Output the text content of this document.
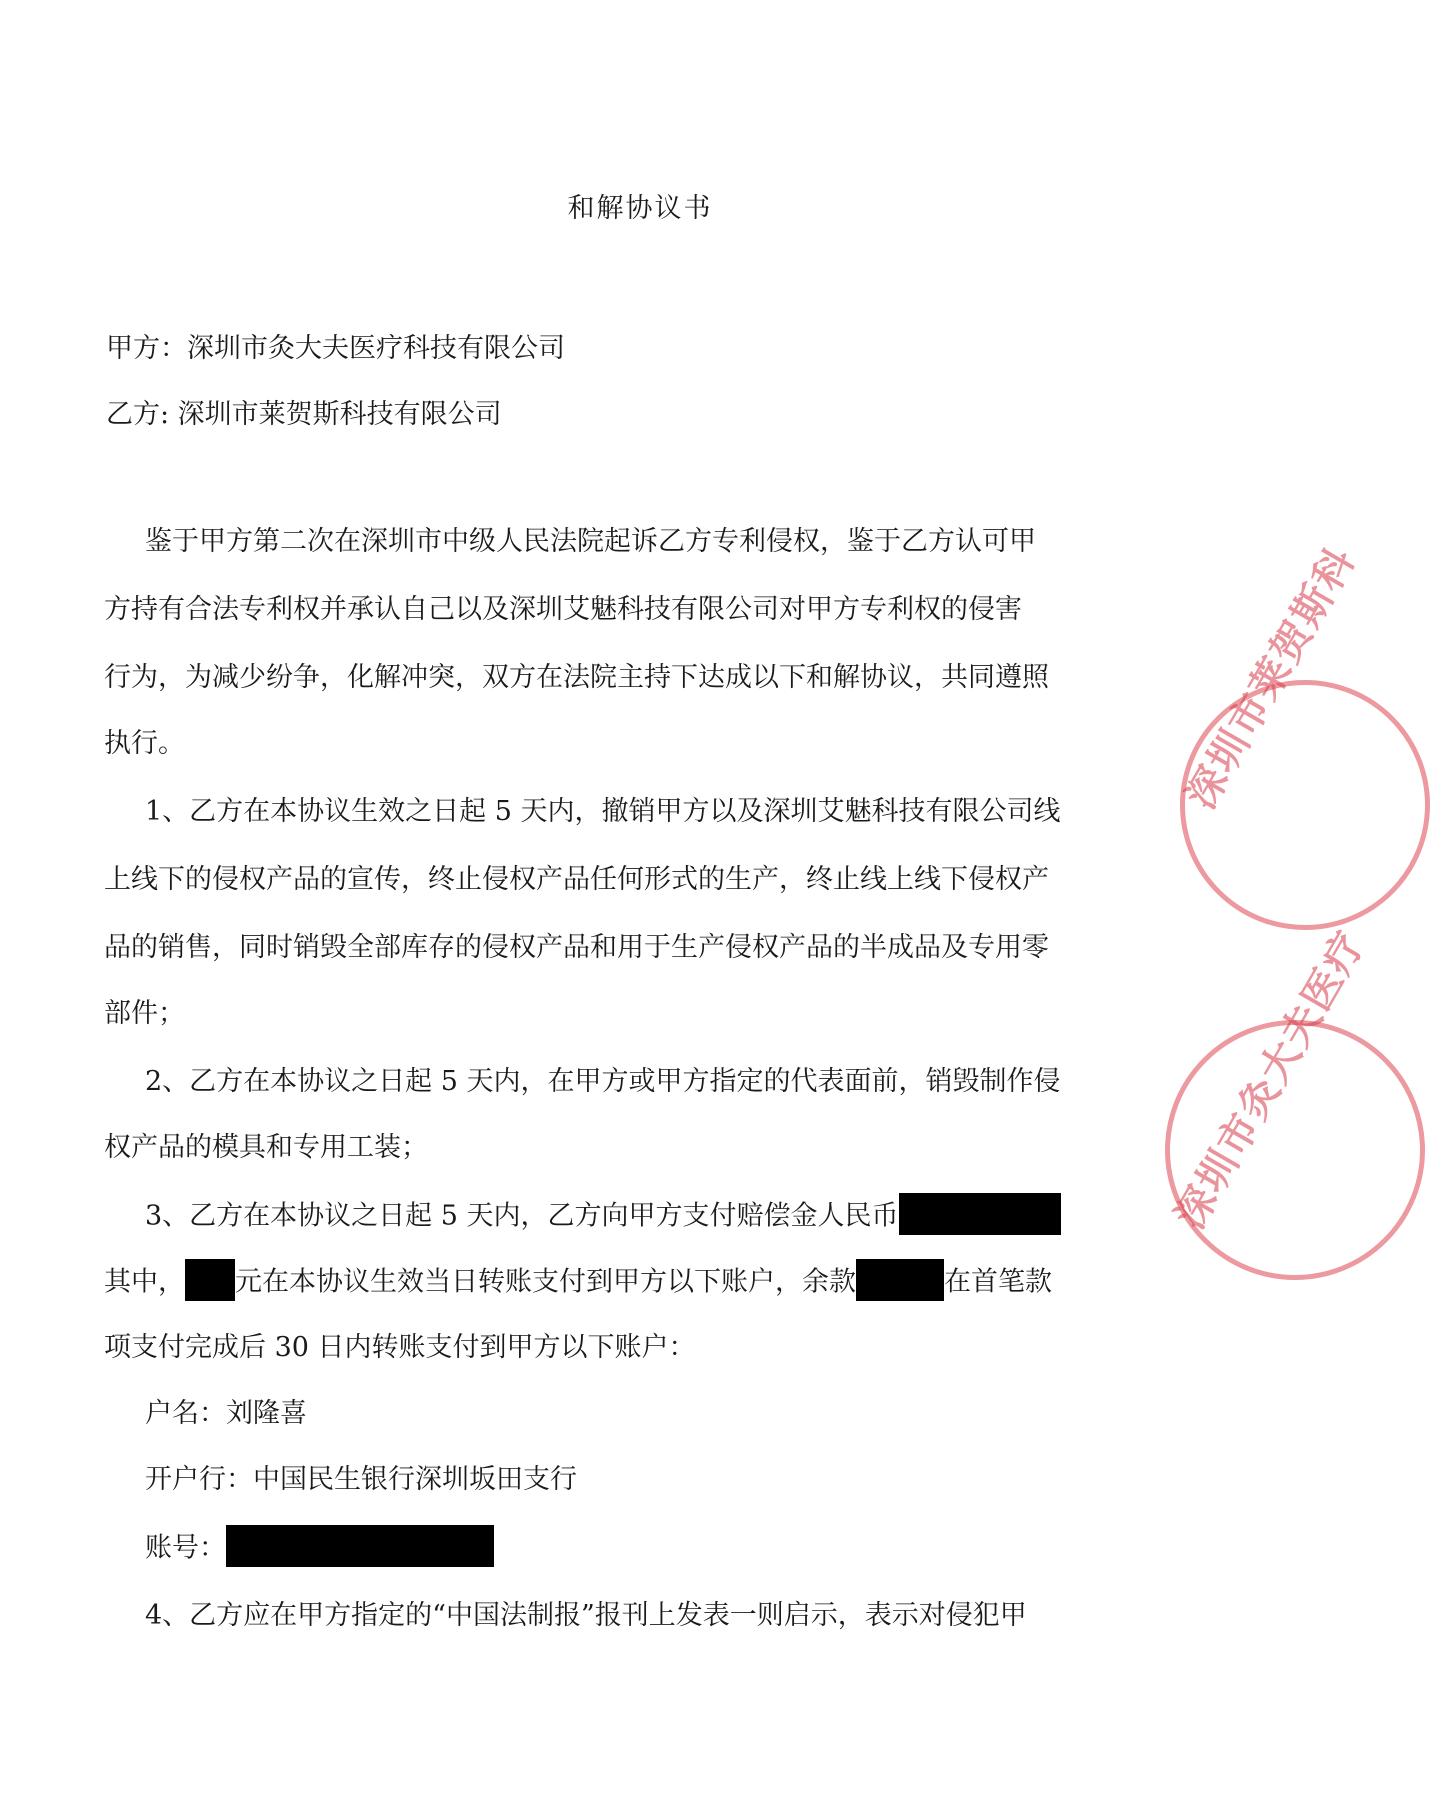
和解协议书
甲方：深圳市灸大夫医疗科技有限公司
乙方: 深圳市莱贺斯科技有限公司
鉴于甲方第二次在深圳市中级人民法院起诉乙方专利侵权，鉴于乙方认可甲
方持有合法专利权并承认自己以及深圳艾魅科技有限公司对甲方专利权的侵害
行为，为减少纷争，化解冲突，双方在法院主持下达成以下和解协议，共同遵照
执行。
1、乙方在本协议生效之日起 5 天内，撤销甲方以及深圳艾魅科技有限公司线
上线下的侵权产品的宣传，终止侵权产品任何形式的生产，终止线上线下侵权产
品的销售，同时销毁全部库存的侵权产品和用于生产侵权产品的半成品及专用零
部件；
2、乙方在本协议之日起 5 天内，在甲方或甲方指定的代表面前，销毁制作侵
权产品的模具和专用工装；
3、乙方在本协议之日起 5 天内，乙方向甲方支付赔偿金人民币
其中， 元在本协议生效当日转账支付到甲方以下账户，余款	在首笔款
项支付完成后 30 日内转账支付到甲方以下账户：
户名：刘隆喜
开户行：中国民生银行深圳坂田支行
账号：
4、乙方应在甲方指定的“中国法制报”报刊上发表一则启示，表示对侵犯甲
深圳市莱贺斯科
深圳市灸大夫医疗
